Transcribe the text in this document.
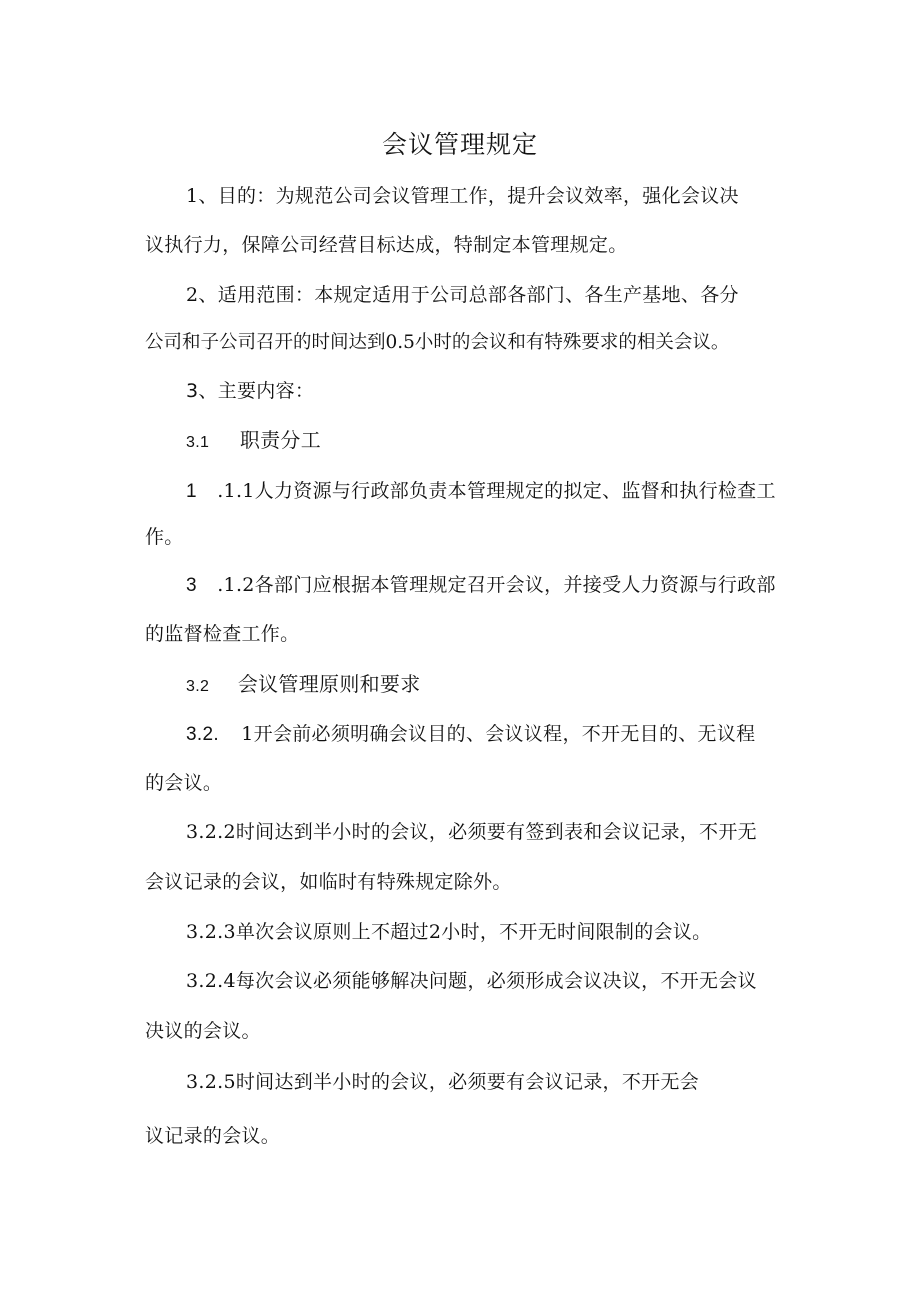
会议管理规定
1、目的：为规范公司会议管理工作，提升会议效率，强化会议决
议执行力，保障公司经营目标达成，特制定本管理规定。
2、适用范围：本规定适用于公司总部各部门、各生产基地、各分
公司和子公司召开的时间达到0.5小时的会议和有特殊要求的相关会议。
3、主要内容：
3.1 职责分工
1 .1.1人力资源与行政部负责本管理规定的拟定、监督和执行检查工
作。
3 .1.2各部门应根据本管理规定召开会议，并接受人力资源与行政部
的监督检查工作。
3.2 会议管理原则和要求
3.2. 1开会前必须明确会议目的、会议议程，不开无目的、无议程
的会议。
3.2.2时间达到半小时的会议，必须要有签到表和会议记录，不开无
会议记录的会议，如临时有特殊规定除外。
3.2.3单次会议原则上不超过2小时，不开无时间限制的会议。
3.2.4每次会议必须能够解决问题，必须形成会议决议，不开无会议
决议的会议。
3.2.5时间达到半小时的会议，必须要有会议记录，不开无会
议记录的会议。
